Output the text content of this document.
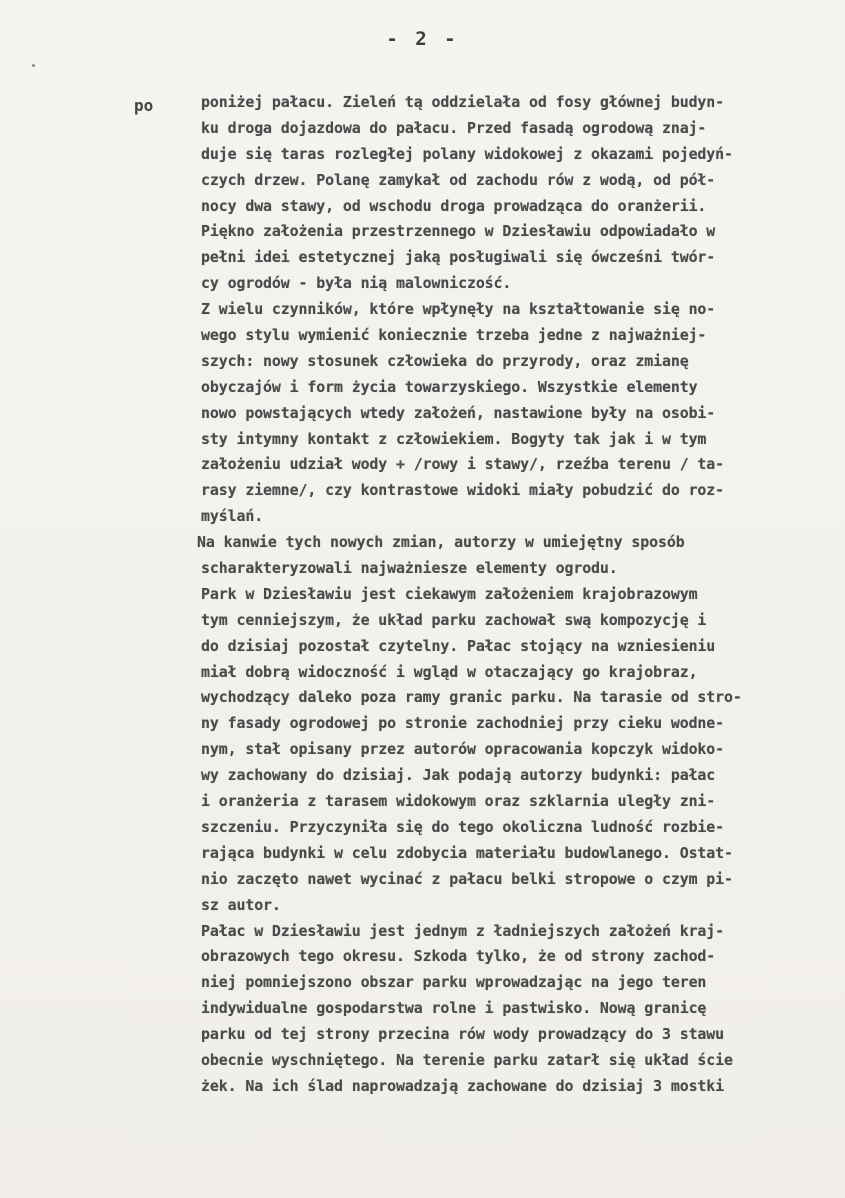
- 2 -
po	poniżej pałacu. Zieleń tą oddzielała od fosy głównej budyn-
ku droga dojazdowa do pałacu. Przed fasadą ogrodową znaj-
duje się taras rozległej polany widokowej z okazami pojedyń-
czych drzew. Polanę zamykał od zachodu rów z wodą, od pół-
nocy dwa stawy, od wschodu droga prowadząca do oranżerii.
Piękno założenia przestrzennego w Dziesławiu odpowiadało w
pełni idei estetycznej jaką posługiwali się ówcześni twór-
cy ogrodów - była nią malowniczość.
Z wielu czynników, które wpłynęły na kształtowanie się no-
wego stylu wymienić koniecznie trzeba jedne z najważniej-
szych: nowy stosunek człowieka do przyrody, oraz zmianę
obyczajów i form życia towarzyskiego. Wszystkie elementy
nowo powstających wtedy założeń, nastawione były na osobi-
sty intymny kontakt z człowiekiem. Bogyty tak jak i w tym
założeniu udział wody + /rowy i stawy/, rzeźba terenu / ta-
rasy ziemne/, czy kontrastowe widoki miały pobudzić do roz-
myślań.
Na kanwie tych nowych zmian, autorzy w umiejętny sposób
scharakteryzowali najważniesze elementy ogrodu.
Park w Dziesławiu jest ciekawym założeniem krajobrazowym
tym cenniejszym, że układ parku zachował swą kompozycję i
do dzisiaj pozostał czytelny. Pałac stojący na wzniesieniu
miał dobrą widoczność i wgląd w otaczający go krajobraz,
wychodzący daleko poza ramy granic parku. Na tarasie od stro-
ny fasady ogrodowej po stronie zachodniej przy cieku wodne-
nym, stał opisany przez autorów opracowania kopczyk widoko-
wy zachowany do dzisiaj. Jak podają autorzy budynki: pałac
i oranżeria z tarasem widokowym oraz szklarnia uległy zni-
szczeniu. Przyczyniła się do tego okoliczna ludność rozbie-
rająca budynki w celu zdobycia materiału budowlanego. Ostat-
nio zaczęto nawet wycinać z pałacu belki stropowe o czym pi-
sz autor.
Pałac w Dziesławiu jest jednym z ładniejszych założeń kraj-
obrazowych tego okresu. Szkoda tylko, że od strony zachod-
niej pomniejszono obszar parku wprowadzając na jego teren
indywidualne gospodarstwa rolne i pastwisko. Nową granicę
parku od tej strony przecina rów wody prowadzący do 3 stawu
obecnie wyschniętego. Na terenie parku zatarł się układ ście
żek. Na ich ślad naprowadzają zachowane do dzisiaj 3 mostki
